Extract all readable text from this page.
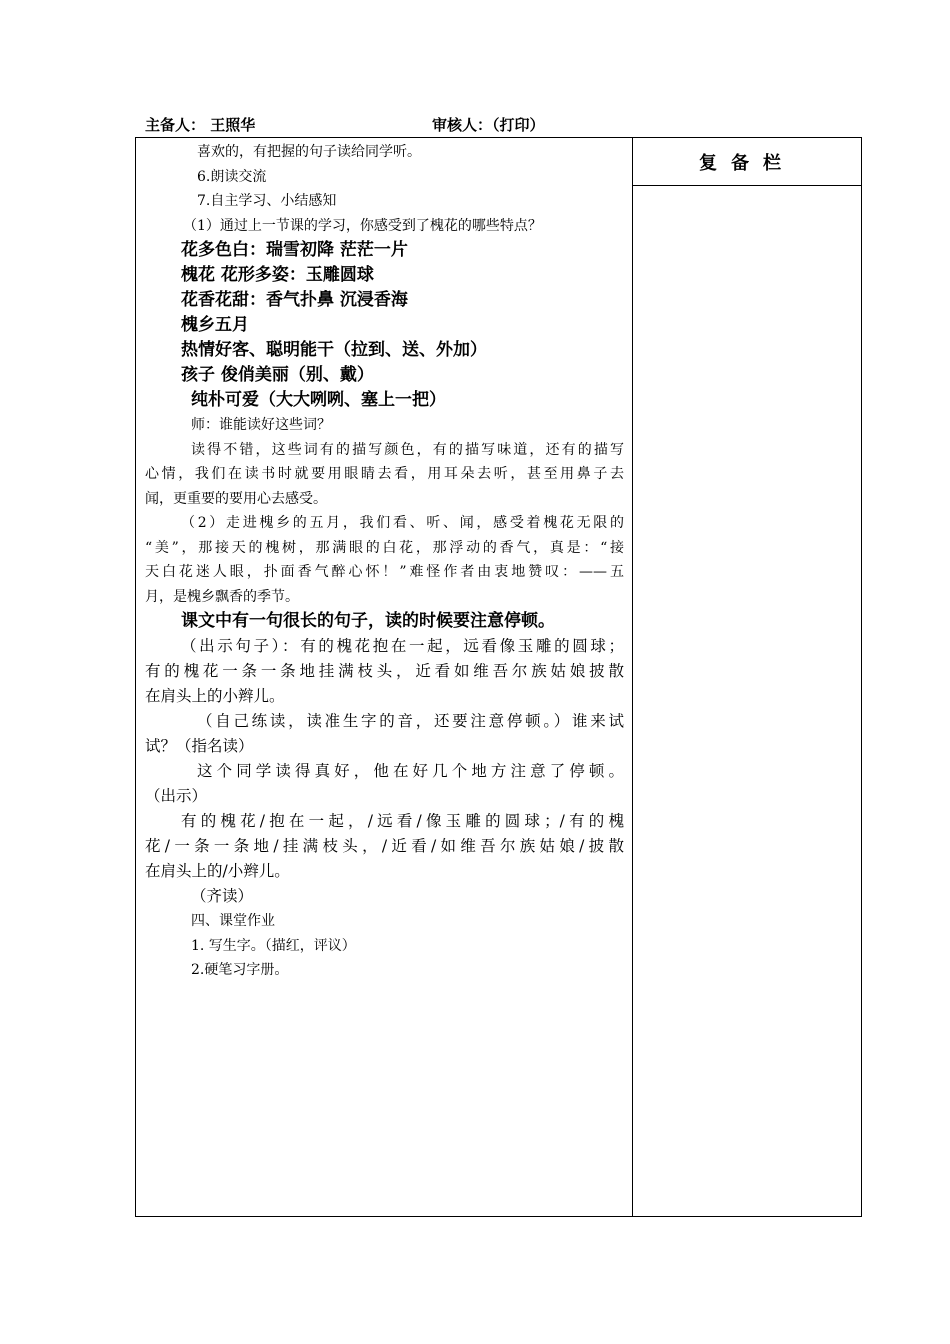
主备人： 王照华	审核人：（打印）
喜欢的，有把握的句子读给同学听。
6.朗读交流
7.自主学习、小结感知
（1）通过上一节课的学习，你感受到了槐花的哪些特点？
花多色白：瑞雪初降 茫茫一片
槐花 花形多姿：玉雕圆球
花香花甜：香气扑鼻 沉浸香海
槐乡五月
热情好客、聪明能干（拉到、送、外加）
孩子 俊俏美丽（别、戴）
纯朴可爱（大大咧咧、塞上一把）
师：谁能读好这些词？
读得不错，这些词有的描写颜色，有的描写味道，还有的描写
心情，我们在读书时就要用眼睛去看，用耳朵去听，甚至用鼻子去
闻，更重要的要用心去感受。
（2）走进槐乡的五月，我们看、听、闻，感受着槐花无限的
“美”，那接天的槐树，那满眼的白花，那浮动的香气，真是：“接
天白花迷人眼，扑面香气醉心怀！”难怪作者由衷地赞叹：——五
月，是槐乡飘香的季节。
课文中有一句很长的句子，读的时候要注意停顿。
（出示句子）：有的槐花抱在一起，远看像玉雕的圆球；
有的槐花一条一条地挂满枝头，近看如维吾尔族姑娘披散
在肩头上的小辫儿。
（自己练读，读准生字的音，还要注意停顿。）谁来试
试？（指名读）
这个同学读得真好，他在好几个地方注意了停顿。
（出示）
有的槐花/抱在一起，/远看/像玉雕的圆球；/有的槐
花/一条一条地/挂满枝头，/近看/如维吾尔族姑娘/披散
在肩头上的/小辫儿。
（齐读）
四、课堂作业
1. 写生字。（描红，评议）
2.硬笔习字册。
复备栏
